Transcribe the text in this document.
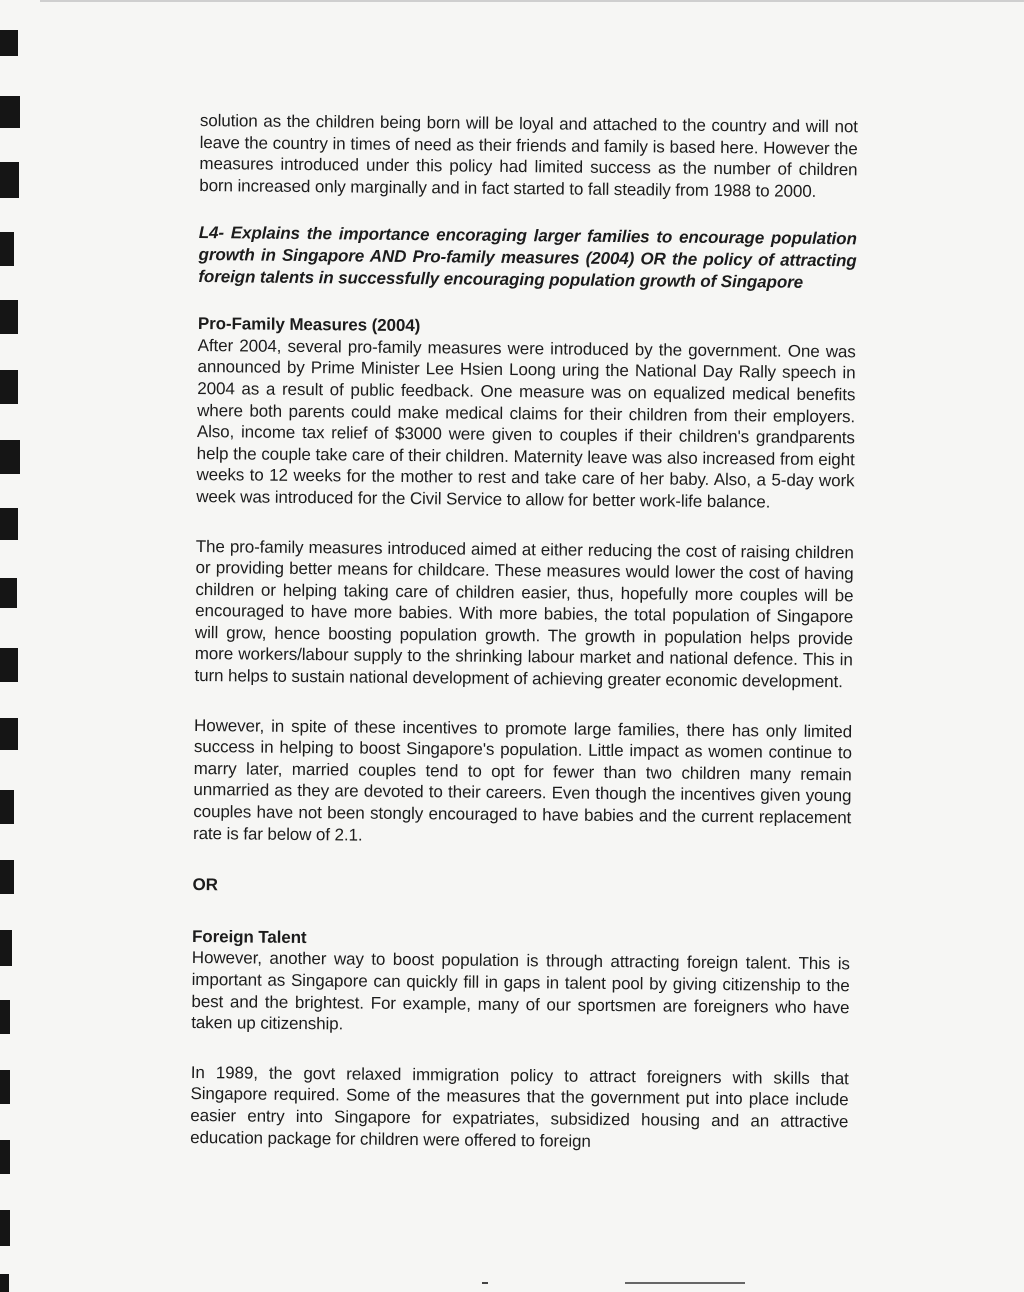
solution as the children being born will be loyal and attached to the country and will not leave the country in times of need as their friends and family is based here. However the measures introduced under this policy had limited success as the number of children born increased only marginally and in fact started to fall steadily from 1988 to 2000.

L4- Explains the importance encoraging larger families to encourage population growth in Singapore AND Pro-family measures (2004) OR the policy of attracting foreign talents in successfully encouraging population growth of Singapore

Pro-Family Measures (2004)

After 2004, several pro-family measures were introduced by the government. One was announced by Prime Minister Lee Hsien Loong uring the National Day Rally speech in 2004 as a result of public feedback. One measure was on equalized medical benefits where both parents could make medical claims for their children from their employers. Also, income tax relief of $3000 were given to couples if their children's grandparents help the couple take care of their children. Maternity leave was also increased from eight weeks to 12 weeks for the mother to rest and take care of her baby. Also, a 5-day work week was introduced for the Civil Service to allow for better work-life balance.

The pro-family measures introduced aimed at either reducing the cost of raising children or providing better means for childcare. These measures would lower the cost of having children or helping taking care of children easier, thus, hopefully more couples will be encouraged to have more babies. With more babies, the total population of Singapore will grow, hence boosting population growth. The growth in population helps provide more workers/labour supply to the shrinking labour market and national defence. This in turn helps to sustain national development of achieving greater economic development.

However, in spite of these incentives to promote large families, there has only limited success in helping to boost Singapore's population. Little impact as women continue to marry later, married couples tend to opt for fewer than two children many remain unmarried as they are devoted to their careers. Even though the incentives given young couples have not been stongly encouraged to have babies and the current replacement rate is far below of 2.1.

OR

Foreign Talent

However, another way to boost population is through attracting foreign talent. This is important as Singapore can quickly fill in gaps in talent pool by giving citizenship to the best and the brightest. For example, many of our sportsmen are foreigners who have taken up citizenship.

In 1989, the govt relaxed immigration policy to attract foreigners with skills that Singapore required. Some of the measures that the government put into place include easier entry into Singapore for expatriates, subsidized housing and an attractive education package for children were offered to foreign
